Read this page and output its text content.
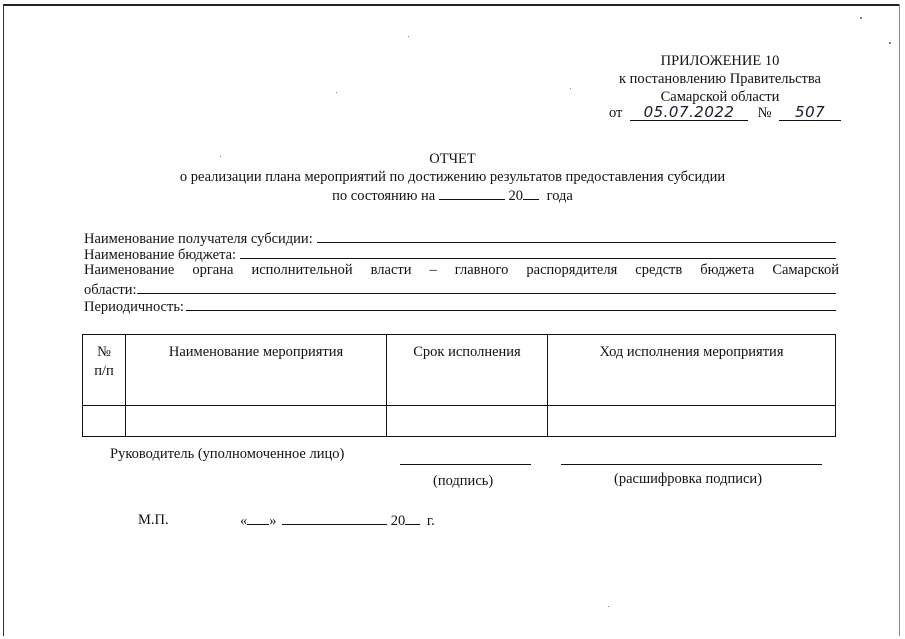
ПРИЛОЖЕНИЕ 10
к постановлению Правительства
Самарской области
от 05.07.2022 № 507
ОТЧЕТ
о реализации плана мероприятий по достижению результатов предоставления субсидии
по состоянию на	20 года
Наименование получателя субсидии:
Наименование бюджета:
Наименование органа исполнительной власти – главного распорядителя средств бюджета Самарской
области:
Периодичность:
№
п/п	Наименование мероприятия	Срок исполнения	Ход исполнения мероприятия

Руководитель (уполномоченное лицо)
(подпись)	(расшифровка подписи)
М.П.	« »	20 г.
